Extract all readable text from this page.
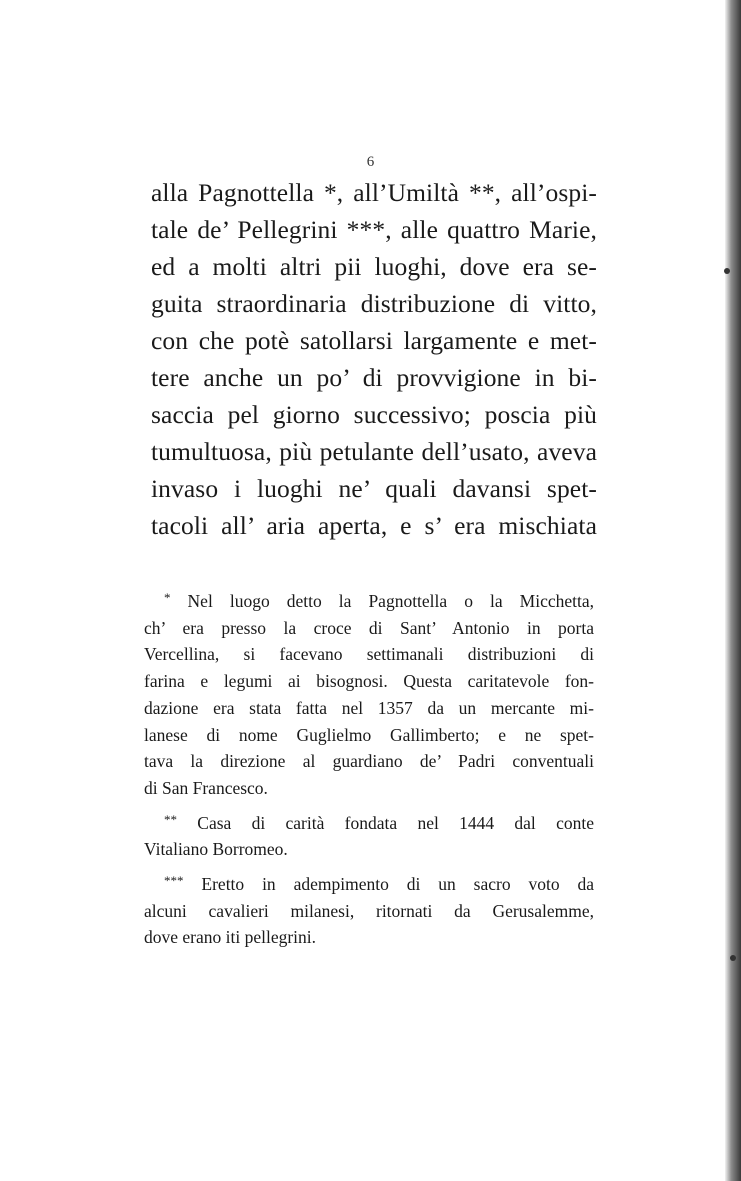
6
alla Pagnottella *, all’Umiltà **, all’ospi-
tale de’ Pellegrini ***, alle quattro Marie,
ed a molti altri pii luoghi, dove era se-
guita straordinaria distribuzione di vitto,
con che potè satollarsi largamente e met-
tere anche un po’ di provvigione in bi-
saccia pel giorno successivo; poscia più
tumultuosa, più petulante dell’usato, aveva
invaso i luoghi ne’ quali davansi spet-
tacoli all’ aria aperta, e s’ era mischiata
* Nel luogo detto la Pagnottella o la Micchetta,
ch’ era presso la croce di Sant’ Antonio in porta
Vercellina, si facevano settimanali distribuzioni di
farina e legumi ai bisognosi. Questa caritatevole fon-
dazione era stata fatta nel 1357 da un mercante mi-
lanese di nome Guglielmo Gallimberto; e ne spet-
tava la direzione al guardiano de’ Padri conventuali
di San Francesco.
** Casa di carità fondata nel 1444 dal conte
Vitaliano Borromeo.
*** Eretto in adempimento di un sacro voto da
alcuni cavalieri milanesi, ritornati da Gerusalemme,
dove erano iti pellegrini.
